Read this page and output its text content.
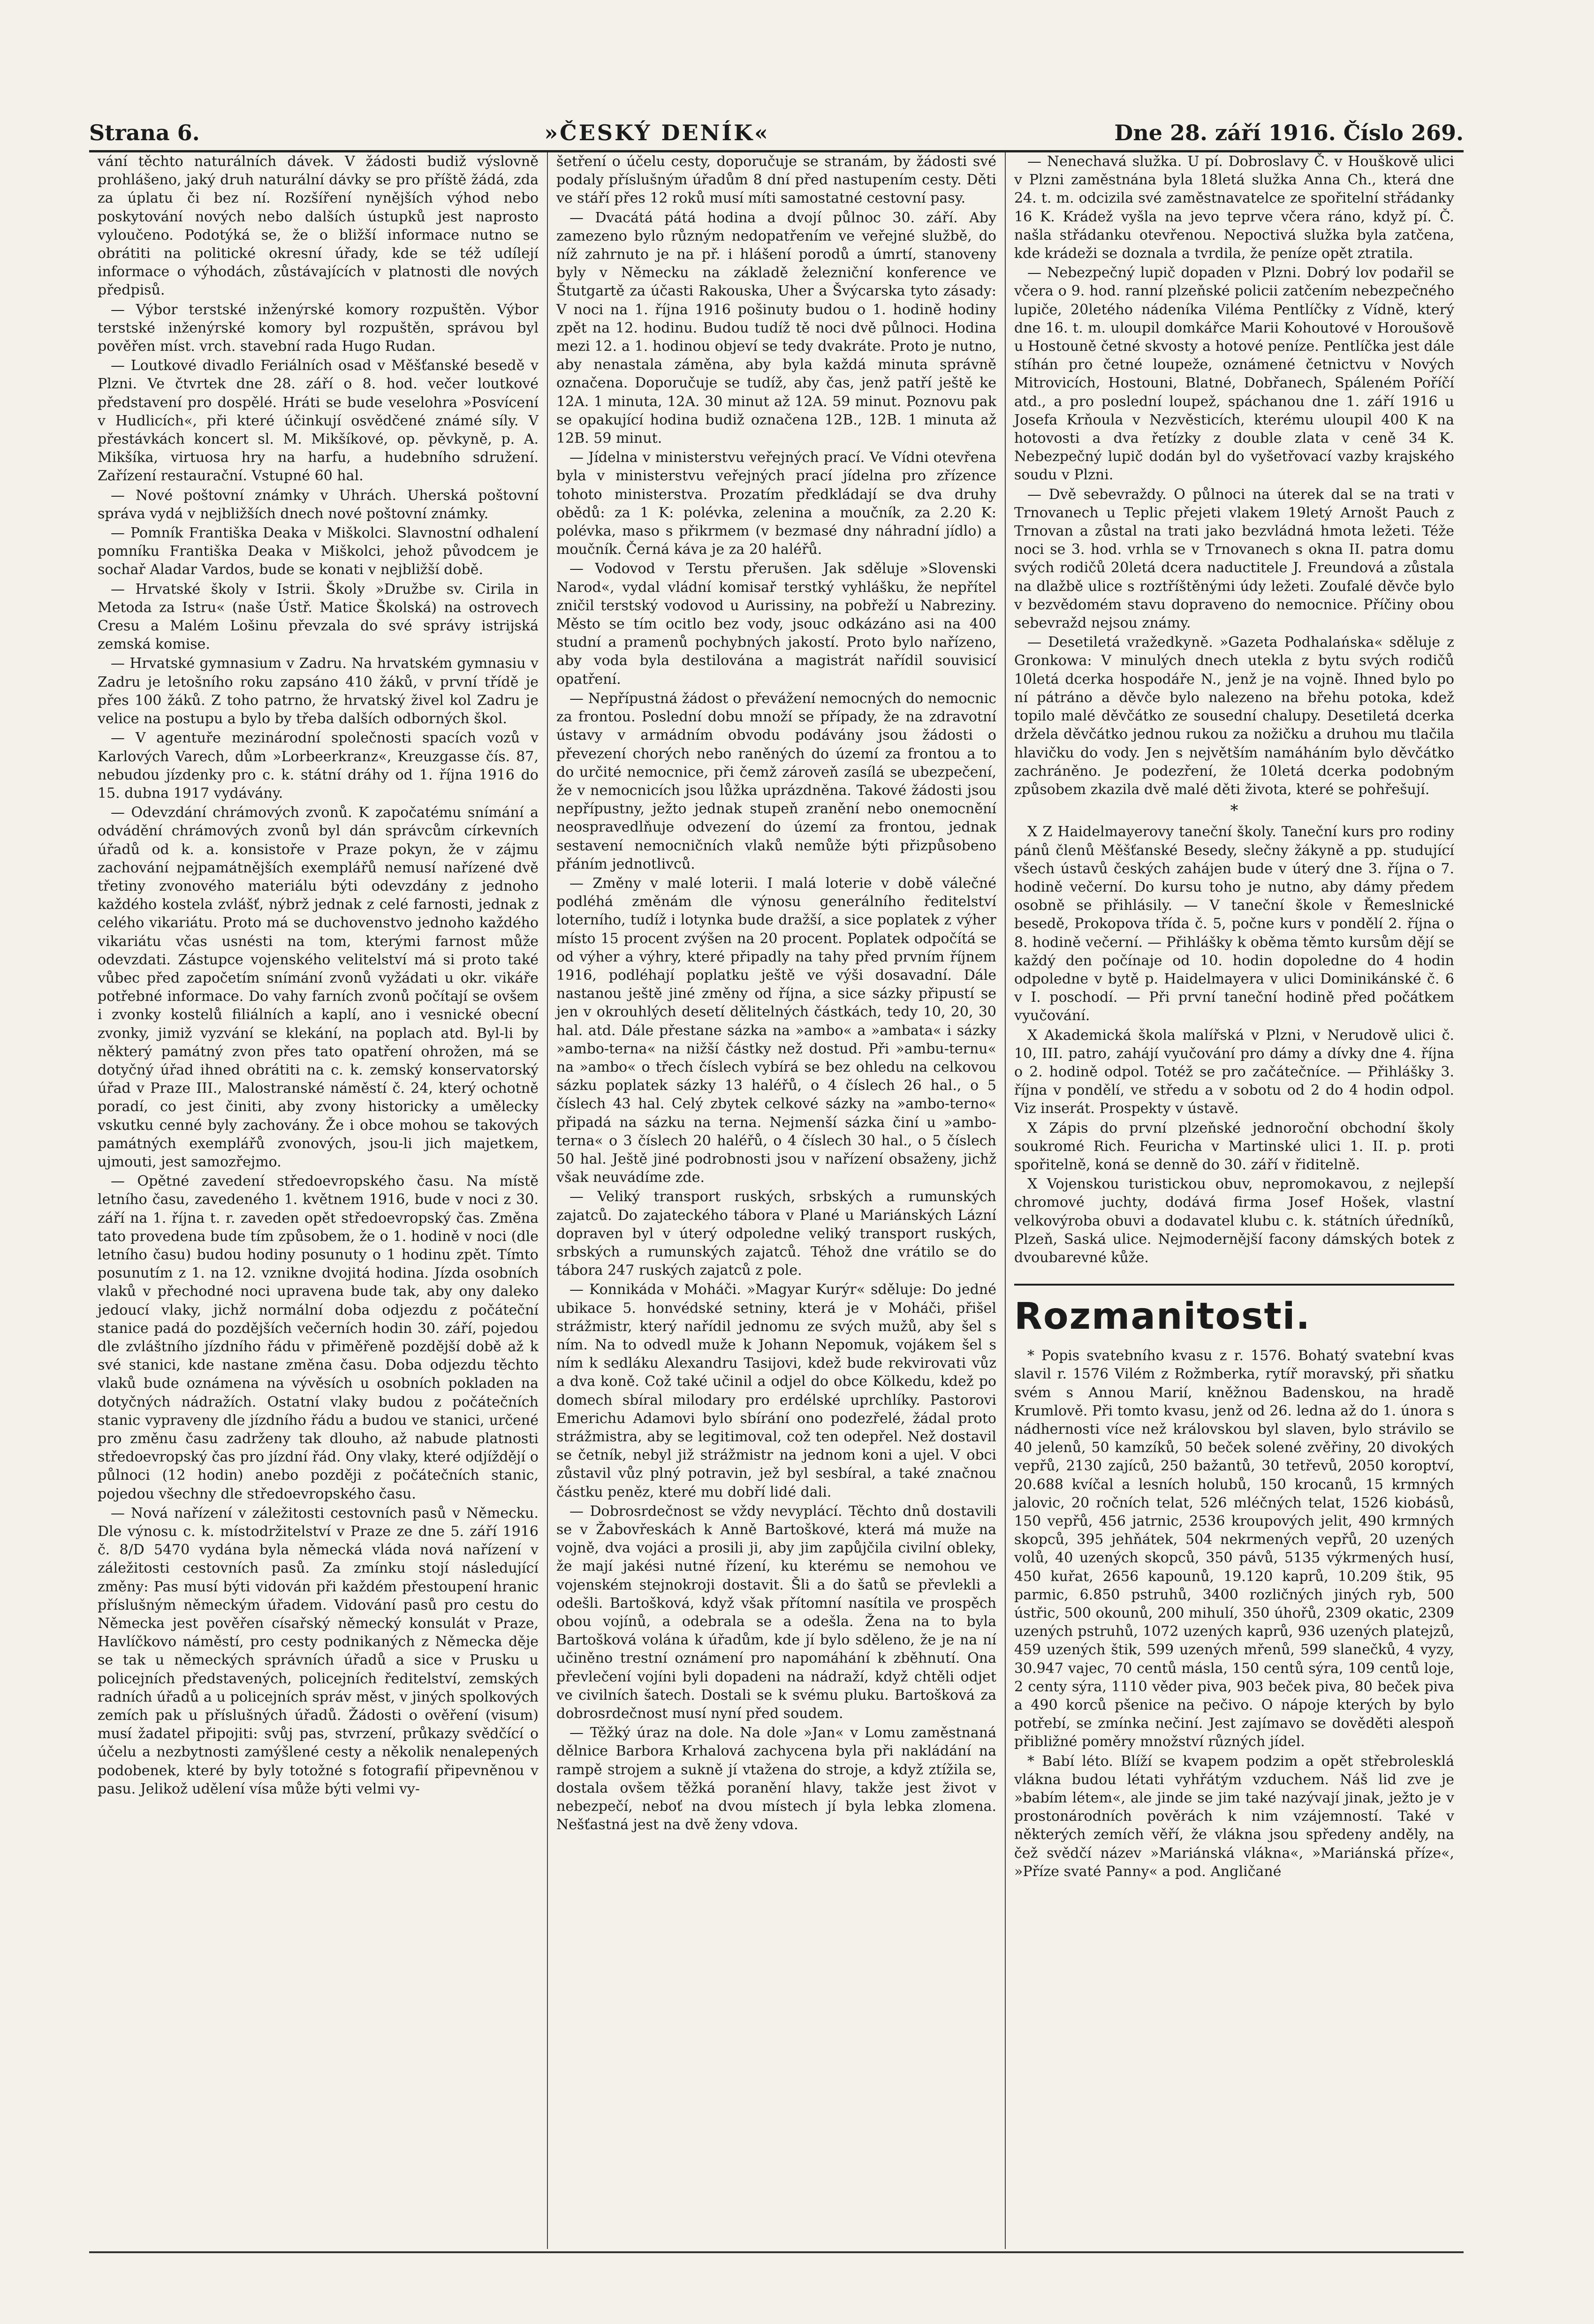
Strana 6.	»ČESKÝ DENÍK«	Dne 28. září 1916. Číslo 269.

vání těchto naturálních dávek. V žádosti budiž výslovně prohlášeno, jaký druh naturální dávky se pro příště žádá, zda za úplatu či bez ní. Rozšíření nynějších výhod nebo poskytování nových nebo dalších ústupků jest naprosto vyloučeno. Podotýká se, že o bližší informace nutno se obrátiti na politické okresní úřady, kde se též udílejí informace o výhodách, zůstávajících v platnosti dle nových předpisů.

— Výbor terstské inženýrské komory rozpuštěn. Výbor terstské inženýrské komory byl rozpuštěn, správou byl pověřen míst. vrch. stavební rada Hugo Rudan.

— Loutkové divadlo Feriálních osad v Měšťanské besedě v Plzni. Ve čtvrtek dne 28. září o 8. hod. večer loutkové představení pro dospělé. Hráti se bude veselohra »Posvícení v Hudlicích«, při které účinkují osvědčené známé síly. V přestávkách koncert sl. M. Mikšíkové, op. pěvkyně, p. A. Mikšíka, virtuosa hry na harfu, a hudebního sdružení. Zařízení restaurační. Vstupné 60 hal.

— Nové poštovní známky v Uhrách. Uherská poštovní správa vydá v nejbližších dnech nové poštovní známky.

— Pomník Františka Deaka v Miškolci. Slavnostní odhalení pomníku Františka Deaka v Miškolci, jehož původcem je sochař Aladar Vardos, bude se konati v nejbližší době.

— Hrvatské školy v Istrii. Školy »Družbe sv. Cirila in Metoda za Istru« (naše Ústř. Matice Školská) na ostrovech Cresu a Malém Lošinu převzala do své správy istrijská zemská komise.

— Hrvatské gymnasium v Zadru. Na hrvatském gymnasiu v Zadru je letošního roku zapsáno 410 žáků, v první třídě je přes 100 žáků. Z toho patrno, že hrvatský živel kol Zadru je velice na postupu a bylo by třeba dalších odborných škol.

— V agentuře mezinárodní společnosti spacích vozů v Karlových Varech, dům »Lorbeerkranz«, Kreuzgasse čís. 87, nebudou jízdenky pro c. k. státní dráhy od 1. října 1916 do 15. dubna 1917 vydávány.

— Odevzdání chrámových zvonů. K započatému snímání a odvádění chrámových zvonů byl dán správcům církevních úřadů od k. a. konsistoře v Praze pokyn, že v zájmu zachování nejpamátnějších exemplářů nemusí nařízené dvě třetiny zvonového materiálu býti odevzdány z jednoho každého kostela zvlášť, nýbrž jednak z celé farnosti, jednak z celého vikariátu. Proto má se duchovenstvo jednoho každého vikariátu včas usnésti na tom, kterými farnost může odevzdati. Zástupce vojenského velitelství má si proto také vůbec před započetím snímání zvonů vyžádati u okr. vikáře potřebné informace. Do vahy farních zvonů počítají se ovšem i zvonky kostelů filiálních a kaplí, ano i vesnické obecní zvonky, jimiž vyzvání se klekání, na poplach atd. Byl-li by některý památný zvon přes tato opatření ohrožen, má se dotyčný úřad ihned obrátiti na c. k. zemský konservatorský úřad v Praze III., Malostranské náměstí č. 24, který ochotně poradí, co jest činiti, aby zvony historicky a umělecky vskutku cenné byly zachovány. Že i obce mohou se takových památných exemplářů zvonových, jsou-li jich majetkem, ujmouti, jest samozřejmo.

— Opětné zavedení středoevropského času. Na místě letního času, zavedeného 1. květnem 1916, bude v noci z 30. září na 1. října t. r. zaveden opět středoevropský čas. Změna tato provedena bude tím způsobem, že o 1. hodině v noci (dle letního času) budou hodiny posunuty o 1 hodinu zpět. Tímto posunutím z 1. na 12. vznikne dvojitá hodina. Jízda osobních vlaků v přechodné noci upravena bude tak, aby ony daleko jedoucí vlaky, jichž normální doba odjezdu z počáteční stanice padá do pozdějších večerních hodin 30. září, pojedou dle zvláštního jízdního řádu v přiměřeně pozdější době až k své stanici, kde nastane změna času. Doba odjezdu těchto vlaků bude oznámena na vývěsích u osobních pokladen na dotyčných nádražích. Ostatní vlaky budou z počátečních stanic vypraveny dle jízdního řádu a budou ve stanici, určené pro změnu času zadrženy tak dlouho, až nabude platnosti středoevropský čas pro jízdní řád. Ony vlaky, které odjíždějí o půlnoci (12 hodin) anebo později z počátečních stanic, pojedou všechny dle středoevropského času.

— Nová nařízení v záležitosti cestovních pasů v Německu. Dle výnosu c. k. místodržitelství v Praze ze dne 5. září 1916 č. 8/D 5470 vydána byla německá vláda nová nařízení v záležitosti cestovních pasů. Za zmínku stojí následující změny: Pas musí býti vidován při každém přestoupení hranic příslušným německým úřadem. Vidování pasů pro cestu do Německa jest pověřen císařský německý konsulát v Praze, Havlíčkovo náměstí, pro cesty podnikaných z Německa děje se tak u německých správních úřadů a sice v Prusku u policejních představených, policejních ředitelství, zemských radních úřadů a u policejních správ měst, v jiných spolkových zemích pak u příslušných úřadů. Žádosti o ověření (visum) musí žadatel připojiti: svůj pas, stvrzení, průkazy svědčící o účelu a nezbytnosti zamýšlené cesty a několik nenalepených podobenek, které by byly totožné s fotografií připevněnou v pasu. Jelikož udělení vísa může býti velmi vy-

šetření o účelu cesty, doporučuje se stranám, by žádosti své podaly příslušným úřadům 8 dní před nastupením cesty. Děti ve stáří přes 12 roků musí míti samostatné cestovní pasy.

— Dvacátá pátá hodina a dvojí půlnoc 30. září. Aby zamezeno bylo různým nedopatřením ve veřejné službě, do níž zahrnuto je na př. i hlášení porodů a úmrtí, stanoveny byly v Německu na základě železniční konference ve Štutgartě za účasti Rakouska, Uher a Švýcarska tyto zásady: V noci na 1. října 1916 pošinuty budou o 1. hodině hodiny zpět na 12. hodinu. Budou tudíž tě noci dvě půlnoci. Hodina mezi 12. a 1. hodinou objeví se tedy dvakráte. Proto je nutno, aby nenastala záměna, aby byla každá minuta správně označena. Doporučuje se tudíž, aby čas, jenž patří ještě ke 12A. 1 minuta, 12A. 30 minut až 12A. 59 minut. Poznovu pak se opakující hodina budiž označena 12B., 12B. 1 minuta až 12B. 59 minut.

— Jídelna v ministerstvu veřejných prací. Ve Vídni otevřena byla v ministerstvu veřejných prací jídelna pro zřízence tohoto ministerstva. Prozatím předkládají se dva druhy obědů: za 1 K: polévka, zelenina a moučník, za 2.20 K: polévka, maso s přikrmem (v bezmasé dny náhradní jídlo) a moučník. Černá káva je za 20 haléřů.

— Vodovod v Terstu přerušen. Jak sděluje »Slovenski Narod«, vydal vládní komisař terstký vyhlášku, že nepřítel zničil terstský vodovod u Aurissiny, na pobřeží u Nabreziny. Město se tím ocitlo bez vody, jsouc odkázáno asi na 400 studní a pramenů pochybných jakostí. Proto bylo nařízeno, aby voda byla destilována a magistrát nařídil souvisicí opatření.

— Nepřípustná žádost o převážení nemocných do nemocnic za frontou. Poslední dobu množí se případy, že na zdravotní ústavy v armádním obvodu podávány jsou žádosti o převezení chorých nebo raněných do území za frontou a to do určité nemocnice, při čemž zároveň zasílá se ubezpečení, že v nemocnicích jsou lůžka uprázdněna. Takové žádosti jsou nepřípustny, ježto jednak stupeň zranění nebo onemocnění neospravedlňuje odvezení do území za frontou, jednak sestavení nemocničních vlaků nemůže býti přizpůsobeno přáním jednotlivců.

— Změny v malé loterii. I malá loterie v době válečné podléhá změnám dle výnosu generálního ředitelství loterního, tudíž i lotynka bude dražší, a sice poplatek z výher místo 15 procent zvýšen na 20 procent. Poplatek odpočítá se od výher a výhry, které připadly na tahy před prvním říjnem 1916, podléhají poplatku ještě ve výši dosavadní. Dále nastanou ještě jiné změny od října, a sice sázky připustí se jen v okrouhlých desetí dělitelných částkách, tedy 10, 20, 30 hal. atd. Dále přestane sázka na »ambo« a »ambata« i sázky »ambo-terna« na nižší částky než dostud. Při »ambu-ternu« na »ambo« o třech číslech vybírá se bez ohledu na celkovou sázku poplatek sázky 13 haléřů, o 4 číslech 26 hal., o 5 číslech 43 hal. Celý zbytek celkové sázky na »ambo-terno« připadá na sázku na terna. Nejmenší sázka činí u »ambo-terna« o 3 číslech 20 haléřů, o 4 číslech 30 hal., o 5 číslech 50 hal. Ještě jiné podrobnosti jsou v nařízení obsaženy, jichž však neuvádíme zde.

— Veliký transport ruských, srbských a rumunských zajatců. Do zajateckého tábora v Plané u Mariánských Lázní dopraven byl v úterý odpoledne veliký transport ruských, srbských a rumunských zajatců. Téhož dne vrátilo se do tábora 247 ruských zajatců z pole.

— Konnikáda v Moháči. »Magyar Kurýr« sděluje: Do jedné ubikace 5. honvédské setniny, která je v Moháči, přišel strážmistr, který nařídil jednomu ze svých mužů, aby šel s ním. Na to odvedl muže k Johann Nepomuk, vojákem šel s ním k sedláku Alexandru Tasijovi, kdež bude rekvirovati vůz a dva koně. Což také učinil a odjel do obce Kölkedu, kdež po domech sbíral milodary pro erdélské uprchlíky. Pastorovi Emerichu Adamovi bylo sbírání ono podezřelé, žádal proto strážmistra, aby se legitimoval, což ten odepřel. Než dostavil se četník, nebyl již strážmistr na jednom koni a ujel. V obci zůstavil vůz plný potravin, jež byl sesbíral, a také značnou částku peněz, které mu dobří lidé dali.

— Dobrosrdečnost se vždy nevyplácí. Těchto dnů dostavili se v Žabovřeskách k Anně Bartoškové, která má muže na vojně, dva vojáci a prosili ji, aby jim zapůjčila civilní obleky, že mají jakési nutné řízení, ku kterému se nemohou ve vojenském stejnokroji dostavit. Šli a do šatů se převlekli a odešli. Bartošková, když však přítomní nasítila ve prospěch obou vojínů, a odebrala se a odešla. Žena na to byla Bartošková volána k úřadům, kde jí bylo sděleno, že je na ní učiněno trestní oznámení pro napomáhání k zběhnutí. Ona převlečení vojíni byli dopadeni na nádraží, když chtěli odjet ve civilních šatech. Dostali se k svému pluku. Bartošková za dobrosrdečnost musí nyní před soudem.

— Těžký úraz na dole. Na dole »Jan« v Lomu zaměstnaná dělnice Barbora Krhalová zachycena byla při nakládání na rampě strojem a sukně jí vtažena do stroje, a když ztížila se, dostala ovšem těžká poranění hlavy, takže jest život v nebezpečí, neboť na dvou místech jí byla lebka zlomena. Nešťastná jest na dvě ženy vdova.

— Nenechavá služka. U pí. Dobroslavy Č. v Houškově ulici v Plzni zaměstnána byla 18letá služka Anna Ch., která dne 24. t. m. odcizila své zaměstnavatelce ze spořitelní střádanky 16 K. Krádež vyšla na jevo teprve včera ráno, když pí. Č. našla střádanku otevřenou. Nepoctivá služka byla zatčena, kde krádeži se doznala a tvrdila, že peníze opět ztratila.

— Nebezpečný lupič dopaden v Plzni. Dobrý lov podařil se včera o 9. hod. ranní plzeňské policii zatčením nebezpečného lupiče, 20letého nádeníka Viléma Pentlíčky z Vídně, který dne 16. t. m. uloupil domkářce Marii Kohoutové v Horoušově u Hostouně četné skvosty a hotové peníze. Pentlíčka jest dále stíhán pro četné loupeže, oznámené četnictvu v Nových Mitrovicích, Hostouni, Blatné, Dobřanech, Spáleném Poříčí atd., a pro poslední loupež, spáchanou dne 1. září 1916 u Josefa Krňoula v Nezvěsticích, kterému uloupil 400 K na hotovosti a dva řetízky z double zlata v ceně 34 K. Nebezpečný lupič dodán byl do vyšetřovací vazby krajského soudu v Plzni.

— Dvě sebevraždy. O půlnoci na úterek dal se na trati v Trnovanech u Teplic přejeti vlakem 19letý Arnošt Pauch z Trnovan a zůstal na trati jako bezvládná hmota ležeti. Téže noci se 3. hod. vrhla se v Trnovanech s okna II. patra domu svých rodičů 20letá dcera naductitele J. Freundová a zůstala na dlažbě ulice s roztříštěnými údy ležeti. Zoufalé děvče bylo v bezvědomém stavu dopraveno do nemocnice. Příčiny obou sebevražd nejsou známy.

— Desetiletá vražedkyně. »Gazeta Podhalańska« sděluje z Gronkowa: V minulých dnech utekla z bytu svých rodičů 10letá dcerka hospodáře N., jenž je na vojně. Ihned bylo po ní pátráno a děvče bylo nalezeno na břehu potoka, kdež topilo malé děvčátko ze sousední chalupy. Desetiletá dcerka držela děvčátko jednou rukou za nožičku a druhou mu tlačila hlavičku do vody. Jen s největším namáháním bylo děvčátko zachráněno. Je podezření, že 10letá dcerka podobným způsobem zkazila dvě malé děti života, které se pohřešují.

*

X Z Haidelmayerovy taneční školy. Taneční kurs pro rodiny pánů členů Měšťanské Besedy, slečny žákyně a pp. studující všech ústavů českých zahájen bude v úterý dne 3. října o 7. hodině večerní. Do kursu toho je nutno, aby dámy předem osobně se přihlásily. — V taneční škole v Řemeslnické besedě, Prokopova třída č. 5, počne kurs v pondělí 2. října o 8. hodině večerní. — Přihlášky k oběma těmto kursům dějí se každý den počínaje od 10. hodin dopoledne do 4 hodin odpoledne v bytě p. Haidelmayera v ulici Dominikánské č. 6 v I. poschodí. — Při první taneční hodině před počátkem vyučování.

X Akademická škola malířská v Plzni, v Nerudově ulici č. 10, III. patro, zahájí vyučování pro dámy a dívky dne 4. října o 2. hodině odpol. Totéž se pro začátečníce. — Přihlášky 3. října v pondělí, ve středu a v sobotu od 2 do 4 hodin odpol. Viz inserát. Prospekty v ústavě.

X Zápis do první plzeňské jednoroční obchodní školy soukromé Rich. Feuricha v Martinské ulici 1. II. p. proti spořitelně, koná se denně do 30. září v řiditelně.

X Vojenskou turistickou obuv, nepromokavou, z nejlepší chromové juchty, dodává firma Josef Hošek, vlastní velkovýroba obuvi a dodavatel klubu c. k. státních úředníků, Plzeň, Saská ulice. Nejmodernější facony dámských botek z dvoubarevné kůže.

Rozmanitosti.

* Popis svatebního kvasu z r. 1576. Bohatý svatební kvas slavil r. 1576 Vilém z Rožmberka, rytíř moravský, při sňatku svém s Annou Marií, kněžnou Badenskou, na hradě Krumlově. Při tomto kvasu, jenž od 26. ledna až do 1. února s nádhernosti více než královskou byl slaven, bylo strávilo se 40 jelenů, 50 kamzíků, 50 beček solené zvěřiny, 20 divokých vepřů, 2130 zajíců, 250 bažantů, 30 tetřevů, 2050 koroptví, 20.688 kvíčal a lesních holubů, 150 krocanů, 15 krmných jalovic, 20 ročních telat, 526 mléčných telat, 1526 kiobásů, 150 vepřů, 456 jatrnic, 2536 kroupových jelit, 490 krmných skopců, 395 jehňátek, 504 nekrmených vepřů, 20 uzených volů, 40 uzených skopců, 350 pávů, 5135 výkrmených husí, 450 kuřat, 2656 kapounů, 19.120 kaprů, 10.209 štik, 95 parmic, 6.850 pstruhů, 3400 rozličných jiných ryb, 500 ústřic, 500 okounů, 200 mihulí, 350 úhořů, 2309 okatic, 2309 uzených pstruhů, 1072 uzených kaprů, 936 uzených platejzů, 459 uzených štik, 599 uzených mřenů, 599 slanečků, 4 vyzy, 30.947 vajec, 70 centů másla, 150 centů sýra, 109 centů loje, 2 centy sýra, 1110 věder piva, 903 beček piva, 80 beček piva a 490 korců pšenice na pečivo. O nápoje kterých by bylo potřebí, se zmínka nečiní. Jest zajímavo se dověděti alespoň přibližné poměry množství různých jídel.

* Babí léto. Blíží se kvapem podzim a opět střebrolesklá vlákna budou létati vyhřátým vzduchem. Náš lid zve je »babím létem«, ale jinde se jim také nazývají jinak, ježto je v prostonárodních pověrách k nim vzájemností. Také v některých zemích věří, že vlákna jsou spředeny anděly, na čež svědčí název »Mariánská vlákna«, »Mariánská příze«, »Příze svaté Panny« a pod. Angličané
